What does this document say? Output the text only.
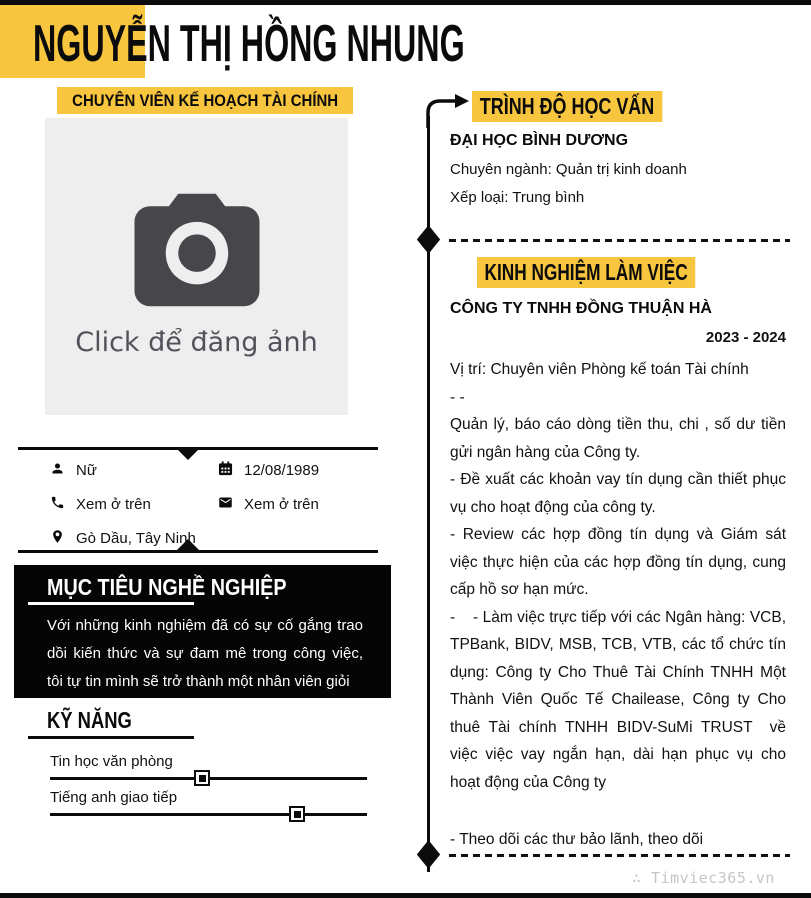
NGUYỄN THỊ HỒNG NHUNG
CHUYÊN VIÊN KẾ HOẠCH TÀI CHÍNH
Click để đăng ảnh
Nữ	12/08/1989
Xem ở trên	Xem ở trên
Gò Dầu, Tây Ninh
MỤC TIÊU NGHỀ NGHIỆP

Với những kinh nghiệm đã có sự cố gắng trao dồi kiến thức và sự đam mê trong công việc, tôi tự tin mình sẽ trở thành một nhân viên giỏi

KỸ NĂNG
Tin học văn phòng
Tiếng anh giao tiếp
TRÌNH ĐỘ HỌC VẤN
ĐẠI HỌC BÌNH DƯƠNG
Chuyên ngành: Quản trị kinh doanh
Xếp loại: Trung bình
KINH NGHIỆM LÀM VIỆC
CÔNG TY TNHH ĐỒNG THUẬN HÀ
2023 - 2024

Vị trí: Chuyên viên Phòng kế toán Tài chính

- -

Quản lý, báo cáo dòng tiền thu, chi , số dư tiền gửi ngân hàng của Công ty.

- Đề xuất các khoản vay tín dụng cần thiết phục vụ cho hoạt động của công ty.

- Review các hợp đồng tín dụng và Giám sát việc thực hiện của các hợp đồng tín dụng, cung cấp hồ sơ hạn mức.

-    - Làm việc trực tiếp với các Ngân hàng: VCB, TPBank, BIDV, MSB, TCB, VTB, các tổ chức tín dụng: Công ty Cho Thuê Tài Chính TNHH Một Thành Viên Quốc Tế Chailease, Công ty Cho thuê Tài chính TNHH BIDV-SuMi TRUST  về việc việc vay ngắn hạn, dài hạn phục vụ cho hoạt động của Công ty

- Theo dõi các thư bảo lãnh, theo dõi

∴ Timviec365.vn
